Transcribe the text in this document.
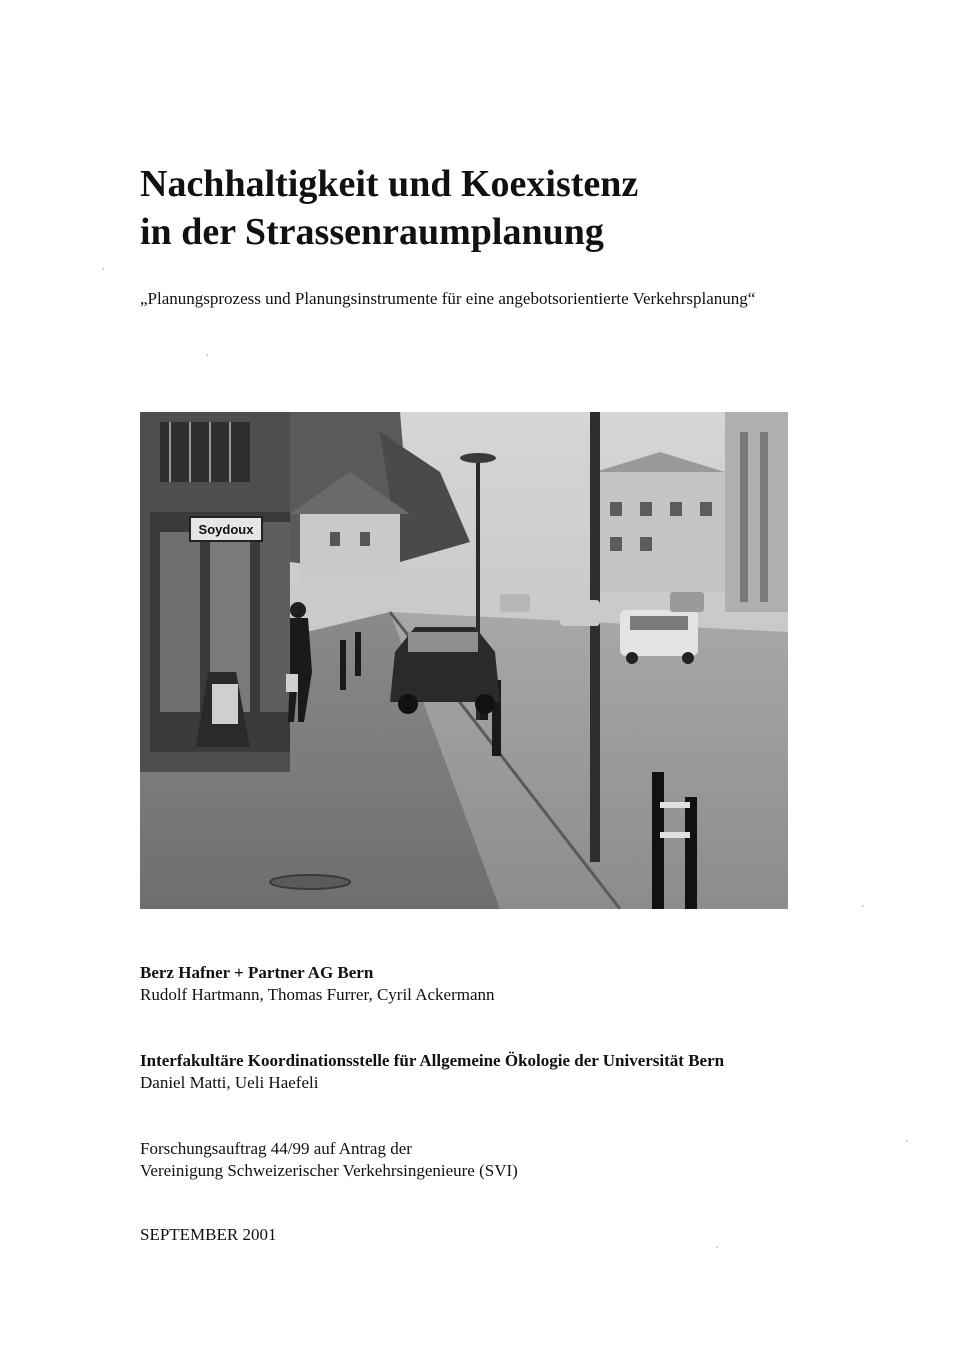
Nachhaltigkeit und Koexistenz
in der Strassenraumplanung
„Planungsprozess und Planungsinstrumente für eine angebotsorientierte Verkehrsplanung“
Soydoux
Berz Hafner + Partner AG Bern
Rudolf Hartmann, Thomas Furrer, Cyril Ackermann
Interfakultäre Koordinationsstelle für Allgemeine Ökologie der Universität Bern
Daniel Matti, Ueli Haefeli
Forschungsauftrag 44/99 auf Antrag der
Vereinigung Schweizerischer Verkehrsingenieure (SVI)
SEPTEMBER 2001
